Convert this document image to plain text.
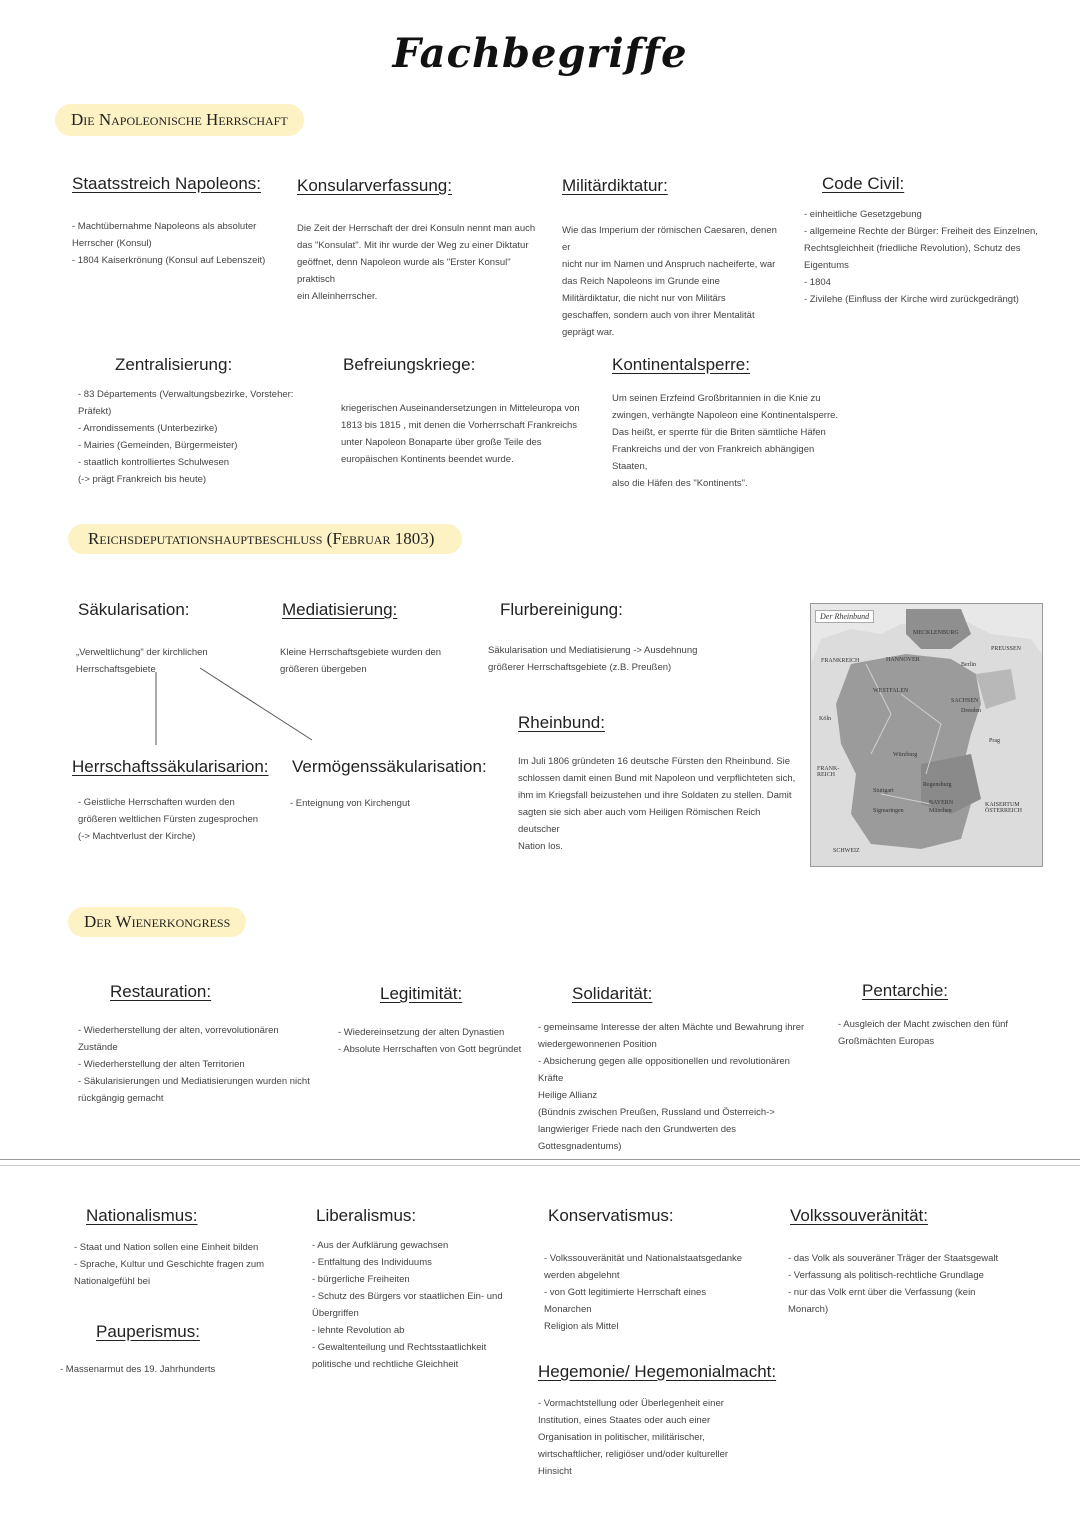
Fachbegriffe
Die Napoleonische Herrschaft
Staatsstreich Napoleons:
- Machtübernahme Napoleons als absoluter
Herrscher (Konsul)
- 1804 Kaiserkrönung (Konsul auf Lebenszeit)
Konsularverfassung:
Die Zeit der Herrschaft der drei Konsuln nennt man auch
das "Konsulat". Mit ihr wurde der Weg zu einer Diktatur
geöffnet, denn Napoleon wurde als "Erster Konsul" praktisch
ein Alleinherrscher.
Militärdiktatur:
Wie das Imperium der römischen Caesaren, denen er
nicht nur im Namen und Anspruch nacheiferte, war
das Reich Napoleons im Grunde eine
Militärdiktatur, die nicht nur von Militärs
geschaffen, sondern auch von ihrer Mentalität
geprägt war.
Code Civil:
- einheitliche Gesetzgebung
- allgemeine Rechte der Bürger: Freiheit des Einzelnen,
Rechtsgleichheit (friedliche Revolution), Schutz des
Eigentums
- 1804
- Zivilehe (Einfluss der Kirche wird zurückgedrängt)
Zentralisierung:
- 83 Départements (Verwaltungsbezirke, Vorsteher:
Präfekt)
- Arrondissements (Unterbezirke)
- Mairies (Gemeinden, Bürgermeister)
- staatlich kontrolliertes Schulwesen
(-> prägt Frankreich bis heute)
Befreiungskriege:
kriegerischen Auseinandersetzungen in Mitteleuropa von
1813 bis 1815 , mit denen die Vorherrschaft Frankreichs
unter Napoleon Bonaparte über große Teile des
europäischen Kontinents beendet wurde.
Kontinentalsperre:
Um seinen Erzfeind Großbritannien in die Knie zu
zwingen, verhängte Napoleon eine Kontinentalsperre.
Das heißt, er sperrte für die Briten sämtliche Häfen
Frankreichs und der von Frankreich abhängigen Staaten,
also die Häfen des "Kontinents".
Reichsdeputationshauptbeschluss (Februar 1803)
Säkularisation:
„Verweltlichung" der kirchlichen
Herrschaftsgebiete
Mediatisierung:
Kleine Herrschaftsgebiete wurden den
größeren übergeben
Flurbereinigung:
Säkularisation und Mediatisierung -> Ausdehnung
größerer Herrschaftsgebiete (z.B. Preußen)
Herrschaftssäkularisarion:
- Geistliche Herrschaften wurden den
größeren weltlichen Fürsten zugesprochen
(-> Machtverlust der Kirche)
Vermögenssäkularisation:
- Enteignung von Kirchengut
Rheinbund:
Im Juli 1806 gründeten 16 deutsche Fürsten den Rheinbund. Sie
schlossen damit einen Bund mit Napoleon und verpflichteten sich,
ihm im Kriegsfall beizustehen und ihre Soldaten zu stellen. Damit
sagten sie sich aber auch vom Heiligen Römischen Reich deutscher
Nation los.
Der Rheinbund
PREUSSEN
FRANKREICH
MECKLENBURG
Berlin
HANNOVER
WESTFALEN
SACHSEN
Dresden
Köln
Prag
Würzburg
FRANK-
REICH
Regensburg
Stuttgart
BAYERN
München
Sigmaringen
KAISERTUM
ÖSTERREICH
SCHWEIZ
Der Wienerkongress
Restauration:
- Wiederherstellung der alten, vorrevolutionären
Zustände
- Wiederherstellung der alten Territorien
- Säkularisierungen und Mediatisierungen wurden nicht
rückgängig gemacht
Legitimität:
- Wiedereinsetzung der alten Dynastien
- Absolute Herrschaften von Gott begründet
Solidarität:
- gemeinsame Interesse der alten Mächte und Bewahrung ihrer
wiedergewonnenen Position
- Absicherung gegen alle oppositionellen und revolutionären Kräfte
Heilige Allianz
(Bündnis zwischen Preußen, Russland und Österreich->
langwieriger Friede nach den Grundwerten des
Gottesgnadentums)
Pentarchie:
- Ausgleich der Macht zwischen den fünf
Großmächten Europas
Nationalismus:
- Staat und Nation sollen eine Einheit bilden
- Sprache, Kultur und Geschichte fragen zum
Nationalgefühl bei
Pauperismus:
- Massenarmut des 19. Jahrhunderts
Liberalismus:
- Aus der Aufklärung gewachsen
- Entfaltung des Individuums
- bürgerliche Freiheiten
- Schutz des Bürgers vor staatlichen Ein- und
Übergriffen
- lehnte Revolution ab
- Gewaltenteilung und Rechtsstaatlichkeit
politische und rechtliche Gleichheit
Konservatismus:
- Volkssouveränität und Nationalstaatsgedanke
werden abgelehnt
- von Gott legitimierte Herrschaft eines
Monarchen
Religion als Mittel
Hegemonie/ Hegemonialmacht:
- Vormachtstellung oder Überlegenheit einer
Institution, eines Staates oder auch einer
Organisation in politischer, militärischer,
wirtschaftlicher, religiöser und/oder kultureller
Hinsicht
Volkssouveränität:
- das Volk als souveräner Träger der Staatsgewalt
- Verfassung als politisch-rechtliche Grundlage
- nur das Volk ernt über die Verfassung (kein
Monarch)
